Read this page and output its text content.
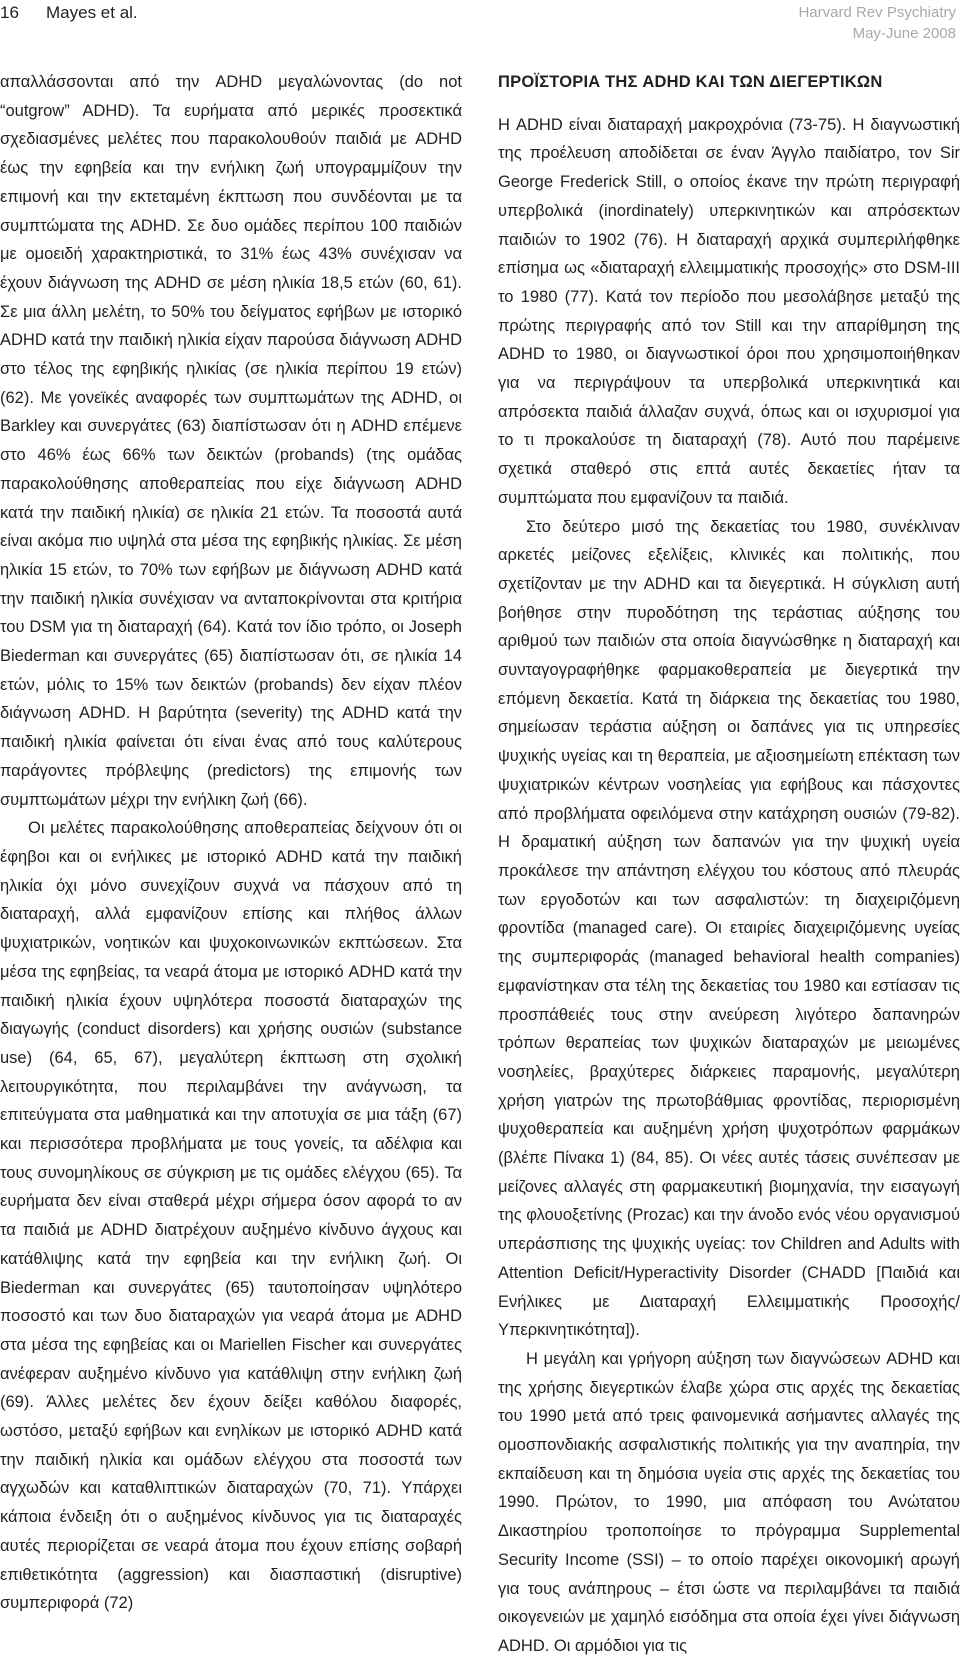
16 Mayes et al.	Harvard Rev Psychiatry
May-June 2008

απαλλάσσονται από την ADHD μεγαλώνοντας (do not “outgrow” ADHD). Τα ευρήματα από μερικές προσεκτικά σχεδιασμένες μελέτες που παρακολουθούν παιδιά με ADHD έως την εφηβεία και την ενήλικη ζωή υπογραμμίζουν την επιμονή και την εκτεταμένη έκπτωση που συνδέονται με τα συμπτώματα της ADHD. Σε δυο ομάδες περίπου 100 παιδιών με ομοειδή χαρακτηριστικά, το 31% έως 43% συνέχισαν να έχουν διάγνωση της ADHD σε μέση ηλικία 18,5 ετών (60, 61). Σε μια άλλη μελέτη, το 50% του δείγματος εφήβων με ιστορικό ADHD κατά την παιδική ηλικία είχαν παρούσα διάγνωση ADHD στο τέλος της εφηβικής ηλικίας (σε ηλικία περίπου 19 ετών) (62). Με γονεϊκές αναφορές των συμπτωμάτων της ADHD, οι Barkley και συνεργάτες (63) διαπίστωσαν ότι η ADHD επέμενε στο 46% έως 66% των δεικτών (probands) (της ομάδας παρακολούθησης αποθεραπείας που είχε διάγνωση ADHD κατά την παιδική ηλικία) σε ηλικία 21 ετών. Τα ποσοστά αυτά είναι ακόμα πιο υψηλά στα μέσα της εφηβικής ηλικίας. Σε μέση ηλικία 15 ετών, το 70% των εφήβων με διάγνωση ADHD κατά την παιδική ηλικία συνέχισαν να ανταποκρίνονται στα κριτήρια του DSM για τη διαταραχή (64). Κατά τον ίδιο τρόπο, οι Joseph Biederman και συνεργάτες (65) διαπίστωσαν ότι, σε ηλικία 14 ετών, μόλις το 15% των δεικτών (probands) δεν είχαν πλέον διάγνωση ADHD. Η βαρύτητα (severity) της ADHD κατά την παιδική ηλικία φαίνεται ότι είναι ένας από τους καλύτερους παράγοντες πρόβλεψης (predictors) της επιμονής των συμπτωμάτων μέχρι την ενήλικη ζωή (66).

Οι μελέτες παρακολούθησης αποθεραπείας δείχνουν ότι οι έφηβοι και οι ενήλικες με ιστορικό ADHD κατά την παιδική ηλικία όχι μόνο συνεχίζουν συχνά να πάσχουν από τη διαταραχή, αλλά εμφανίζουν επίσης και πλήθος άλλων ψυχιατρικών, νοητικών και ψυχοκοινωνικών εκπτώσεων. Στα μέσα της εφηβείας, τα νεαρά άτομα με ιστορικό ADHD κατά την παιδική ηλικία έχουν υψηλότερα ποσοστά διαταραχών της διαγωγής (conduct disorders) και χρήσης ουσιών (substance use) (64, 65, 67), μεγαλύτερη έκπτωση στη σχολική λειτουργικότητα, που περιλαμβάνει την ανάγνωση, τα επιτεύγματα στα μαθηματικά και την αποτυχία σε μια τάξη (67) και περισσότερα προβλήματα με τους γονείς, τα αδέλφια και τους συνομηλίκους σε σύγκριση με τις ομάδες ελέγχου (65). Τα ευρήματα δεν είναι σταθερά μέχρι σήμερα όσον αφορά το αν τα παιδιά με ADHD διατρέχουν αυξημένο κίνδυνο άγχους και κατάθλιψης κατά την εφηβεία και την ενήλικη ζωή. Οι Biederman και συνεργάτες (65) ταυτοποίησαν υψηλότερο ποσοστό και των δυο διαταραχών για νεαρά άτομα με ADHD στα μέσα της εφηβείας και οι Mariellen Fischer και συνεργάτες ανέφεραν αυξημένο κίνδυνο για κατάθλιψη στην ενήλικη ζωή (69). Άλλες μελέτες δεν έχουν δείξει καθόλου διαφορές, ωστόσο, μεταξύ εφήβων και ενηλίκων με ιστορικό ADHD κατά την παιδική ηλικία και ομάδων ελέγχου στα ποσοστά των αγχωδών και καταθλιπτικών διαταραχών (70, 71). Υπάρχει κάποια ένδειξη ότι ο αυξημένος κίνδυνος για τις διαταραχές αυτές περιορίζεται σε νεαρά άτομα που έχουν επίσης σοβαρή επιθετικότητα (aggression) και διασπαστική (disruptive) συμπεριφορά (72)

ΠΡΟΪΣΤΟΡΙΑ ΤΗΣ ADHD ΚΑΙ ΤΩΝ ΔΙΕΓΕΡΤΙΚΩΝ

Η ADHD είναι διαταραχή μακροχρόνια (73-75). Η διαγνωστική της προέλευση αποδίδεται σε έναν Άγγλο παιδίατρο, τον Sir George Frederick Still, ο οποίος έκανε την πρώτη περιγραφή υπερβολικά (inordinately) υπερκινητικών και απρόσεκτων παιδιών το 1902 (76). Η διαταραχή αρχικά συμπεριλήφθηκε επίσημα ως «διαταραχή ελλειμματικής προσοχής» στο DSM-III το 1980 (77). Κατά τον περίοδο που μεσολάβησε μεταξύ της πρώτης περιγραφής από τον Still και την απαρίθμηση της ADHD το 1980, οι διαγνωστικοί όροι που χρησιμοποιήθηκαν για να περιγράψουν τα υπερβολικά υπερκινητικά και απρόσεκτα παιδιά άλλαζαν συχνά, όπως και οι ισχυρισμοί για το τι προκαλούσε τη διαταραχή (78). Αυτό που παρέμεινε σχετικά σταθερό στις επτά αυτές δεκαετίες ήταν τα συμπτώματα που εμφανίζουν τα παιδιά.

Στο δεύτερο μισό της δεκαετίας του 1980, συνέκλιναν αρκετές μείζονες εξελίξεις, κλινικές και πολιτικής, που σχετίζονταν με την ADHD και τα διεγερτικά. Η σύγκλιση αυτή βοήθησε στην πυροδότηση της τεράστιας αύξησης του αριθμού των παιδιών στα οποία διαγνώσθηκε η διαταραχή και συνταγογραφήθηκε φαρμακοθεραπεία με διεγερτικά την επόμενη δεκαετία. Κατά τη διάρκεια της δεκαετίας του 1980, σημείωσαν τεράστια αύξηση οι δαπάνες για τις υπηρεσίες ψυχικής υγείας και τη θεραπεία, με αξιοσημείωτη επέκταση των ψυχιατρικών κέντρων νοσηλείας για εφήβους και πάσχοντες από προβλήματα οφειλόμενα στην κατάχρηση ουσιών (79-82). Η δραματική αύξηση των δαπανών για την ψυχική υγεία προκάλεσε την απάντηση ελέγχου του κόστους από πλευράς των εργοδοτών και των ασφαλιστών: τη διαχειριζόμενη φροντίδα (managed care). Οι εταιρίες διαχειριζόμενης υγείας της συμπεριφοράς (managed behavioral health companies) εμφανίστηκαν στα τέλη της δεκαετίας του 1980 και εστίασαν τις προσπάθειές τους στην ανεύρεση λιγότερο δαπανηρών τρόπων θεραπείας των ψυχικών διαταραχών με μειωμένες νοσηλείες, βραχύτερες διάρκειες παραμονής, μεγαλύτερη χρήση γιατρών της πρωτοβάθμιας φροντίδας, περιορισμένη ψυχοθεραπεία και αυξημένη χρήση ψυχοτρόπων φαρμάκων (βλέπε Πίνακα 1) (84, 85). Οι νέες αυτές τάσεις συνέπεσαν με μείζονες αλλαγές στη φαρμακευτική βιομηχανία, την εισαγωγή της φλουοξετίνης (Prozac) και την άνοδο ενός νέου οργανισμού υπεράσπισης της ψυχικής υγείας: τον Children and Adults with Attention Deficit/Hyperactivity Disorder (CHADD [Παιδιά και Ενήλικες με Διαταραχή Ελλειμματικής Προσοχής/Υπερκινητικότητα]).

Η μεγάλη και γρήγορη αύξηση των διαγνώσεων ADHD και της χρήσης διεγερτικών έλαβε χώρα στις αρχές της δεκαετίας του 1990 μετά από τρεις φαινομενικά ασήμαντες αλλαγές της ομοσπονδιακής ασφαλιστικής πολιτικής για την αναπηρία, την εκπαίδευση και τη δημόσια υγεία στις αρχές της δεκαετίας του 1990. Πρώτον, το 1990, μια απόφαση του Ανώτατου Δικαστηρίου τροποποίησε το πρόγραμμα Supplemental Security Income (SSI) – το οποίο παρέχει οικονομική αρωγή για τους ανάπηρους – έτσι ώστε να περιλαμβάνει τα παιδιά οικογενειών με χαμηλό εισόδημα στα οποία έχει γίνει διάγνωση ADHD. Οι αρμόδιοι για τις
